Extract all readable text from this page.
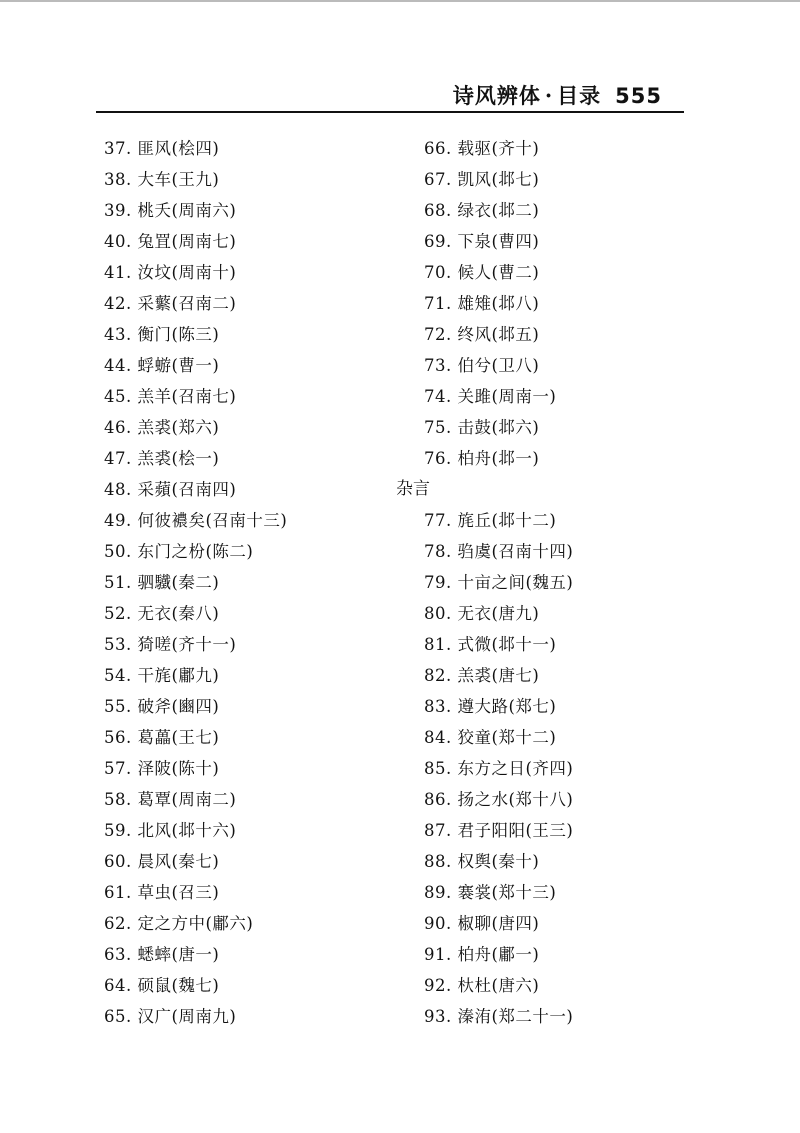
诗风辨体 · 目录 555
37. 匪风(桧四)
38. 大车(王九)
39. 桃夭(周南六)
40. 兔罝(周南七)
41. 汝坟(周南十)
42. 采蘩(召南二)
43. 衡门(陈三)
44. 蜉蝣(曹一)
45. 羔羊(召南七)
46. 羔裘(郑六)
47. 羔裘(桧一)
48. 采蘋(召南四)
49. 何彼襛矣(召南十三)
50. 东门之枌(陈二)
51. 驷驖(秦二)
52. 无衣(秦八)
53. 猗嗟(齐十一)
54. 干旄(鄘九)
55. 破斧(豳四)
56. 葛藟(王七)
57. 泽陂(陈十)
58. 葛覃(周南二)
59. 北风(邶十六)
60. 晨风(秦七)
61. 草虫(召三)
62. 定之方中(鄘六)
63. 蟋蟀(唐一)
64. 硕鼠(魏七)
65. 汉广(周南九)
66. 载驱(齐十)
67. 凯风(邶七)
68. 绿衣(邶二)
69. 下泉(曹四)
70. 候人(曹二)
71. 雄雉(邶八)
72. 终风(邶五)
73. 伯兮(卫八)
74. 关雎(周南一)
75. 击鼓(邶六)
76. 柏舟(邶一)
杂言
77. 旄丘(邶十二)
78. 驺虞(召南十四)
79. 十亩之间(魏五)
80. 无衣(唐九)
81. 式微(邶十一)
82. 羔裘(唐七)
83. 遵大路(郑七)
84. 狡童(郑十二)
85. 东方之日(齐四)
86. 扬之水(郑十八)
87. 君子阳阳(王三)
88. 权舆(秦十)
89. 褰裳(郑十三)
90. 椒聊(唐四)
91. 柏舟(鄘一)
92. 杕杜(唐六)
93. 溱洧(郑二十一)
